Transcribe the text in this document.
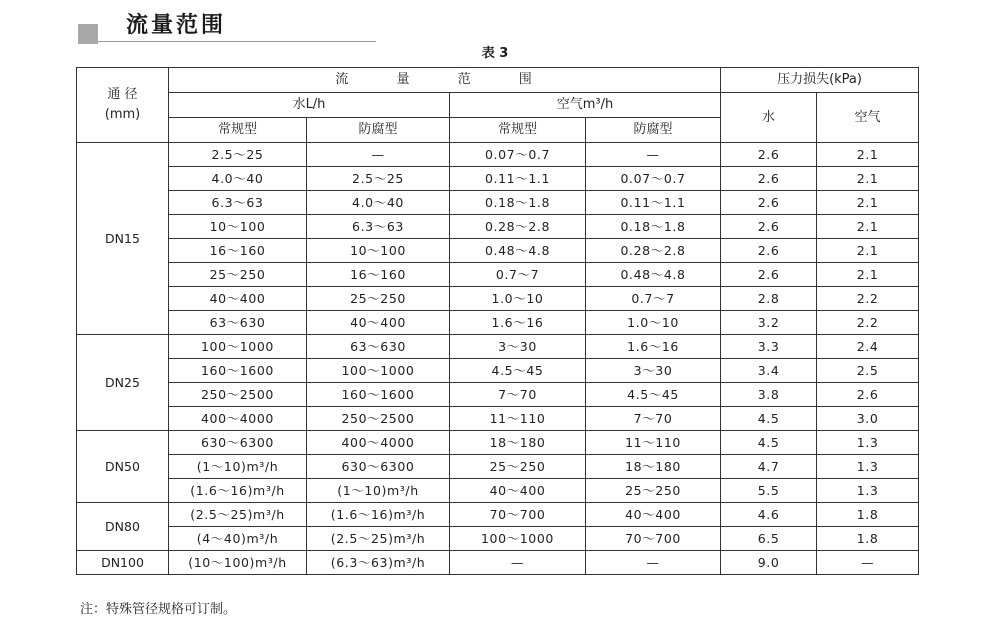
流量范围
表 3
通 径
(mm)	流 量 范 围				压力损失(kPa)	
	水L/h		空气m³/h		水	空气
	常规型	防腐型	常规型	防腐型		
DN15	2.5～25	—	0.07～0.7	—	2.6	2.1
	4.0～40	2.5～25	0.11～1.1	0.07～0.7	2.6	2.1
	6.3～63	4.0～40	0.18～1.8	0.11～1.1	2.6	2.1
	10～100	6.3～63	0.28～2.8	0.18～1.8	2.6	2.1
	16～160	10～100	0.48～4.8	0.28～2.8	2.6	2.1
	25～250	16～160	0.7～7	0.48～4.8	2.6	2.1
	40～400	25～250	1.0～10	0.7～7	2.8	2.2
	63～630	40～400	1.6～16	1.0～10	3.2	2.2
DN25	100～1000	63～630	3～30	1.6～16	3.3	2.4
	160～1600	100～1000	4.5～45	3～30	3.4	2.5
	250～2500	160～1600	7～70	4.5～45	3.8	2.6
	400～4000	250～2500	11～110	7～70	4.5	3.0
DN50	630～6300	400～4000	18～180	11～110	4.5	1.3
	(1～10)m³/h	630～6300	25～250	18～180	4.7	1.3
	(1.6～16)m³/h	(1～10)m³/h	40～400	25～250	5.5	1.3
DN80	(2.5～25)m³/h	(1.6～16)m³/h	70～700	40～400	4.6	1.8
	(4～40)m³/h	(2.5～25)m³/h	100～1000	70～700	6.5	1.8
DN100	(10～100)m³/h	(6.3～63)m³/h	—	—	9.0	—
注：特殊管径规格可订制。
